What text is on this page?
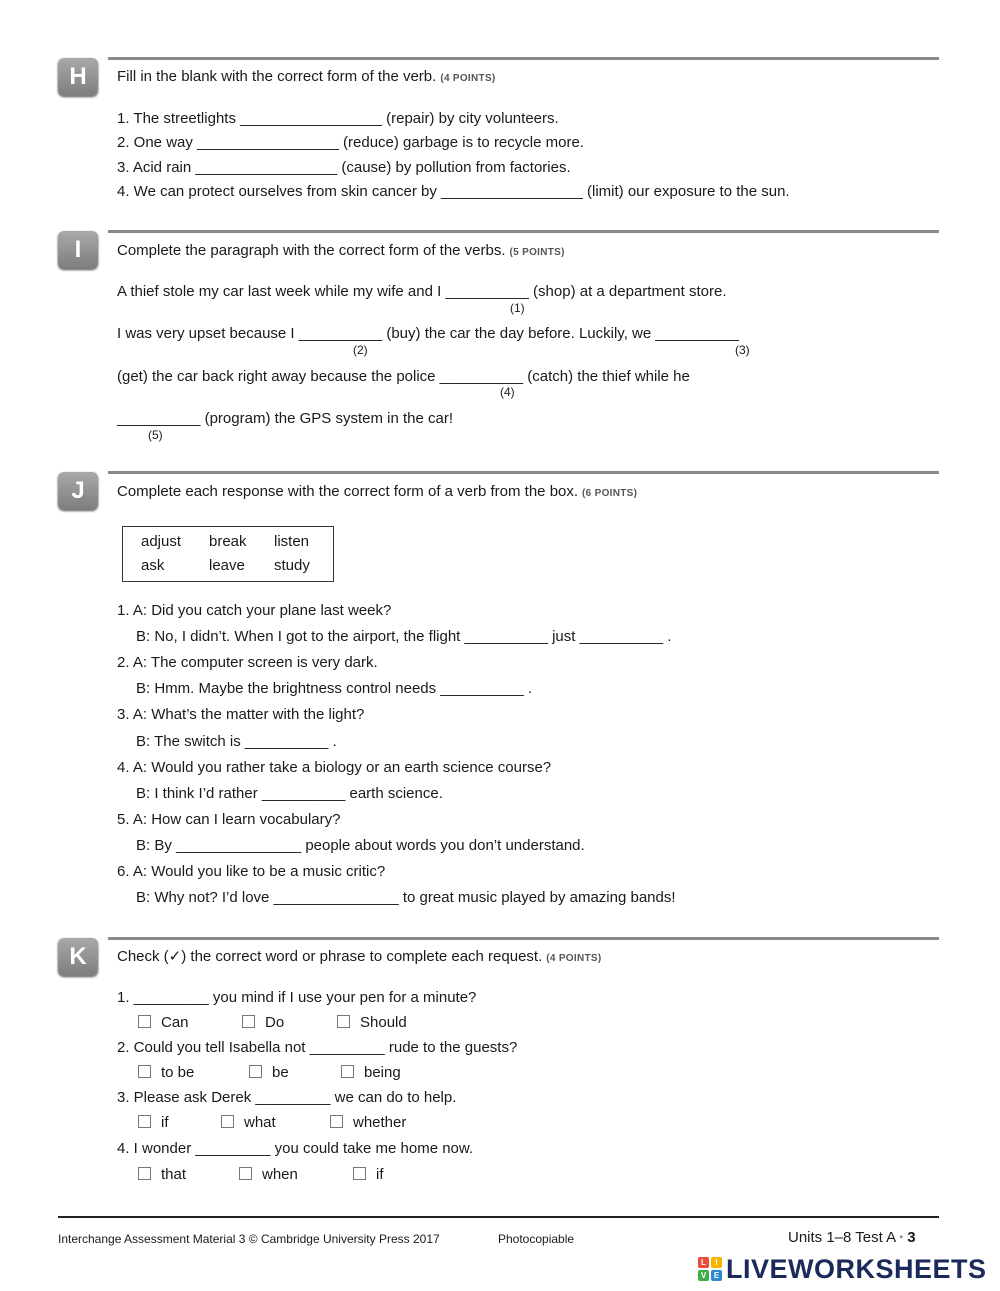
H	Fill in the blank with the correct form of the verb. (4 POINTS)
1. The streetlights _________________ (repair) by city volunteers.
2. One way _________________ (reduce) garbage is to recycle more.
3. Acid rain _________________ (cause) by pollution from factories.
4. We can protect ourselves from skin cancer by _________________ (limit) our exposure to the sun.
I	Complete the paragraph with the correct form of the verbs. (5 POINTS)
A thief stole my car last week while my wife and I __________ (shop) at a department store.
(1)
I was very upset because I __________ (buy) the car the day before. Luckily, we __________
(2)	(3)
(get) the car back right away because the police __________ (catch) the thief while he
(4)
__________ (program) the GPS system in the car!
(5)
J	Complete each response with the correct form of a verb from the box. (6 POINTS)
adjust break listen
ask	leave study
1. A: Did you catch your plane last week?
B: No, I didn’t. When I got to the airport, the flight __________ just __________ .
2. A: The computer screen is very dark.
B: Hmm. Maybe the brightness control needs __________ .
3. A: What’s the matter with the light?
B: The switch is __________ .
4. A: Would you rather take a biology or an earth science course?
B: I think I’d rather __________ earth science.
5. A: How can I learn vocabulary?
B: By _______________ people about words you don’t understand.
6. A: Would you like to be a music critic?
B: Why not? I’d love _______________ to great music played by amazing bands!
K	Check (✓) the correct word or phrase to complete each request. (4 POINTS)
1. _________ you mind if I use your pen for a minute?
Can	Do	Should
2. Could you tell Isabella not _________ rude to the guests?
to be	be	being
3. Please ask Derek _________ we can do to help.
if	what	whether
4. I wonder _________ you could take me home now.
that	when	if
Interchange Assessment Material 3 © Cambridge University Press 2017	Photocopiable	Units 1–8 Test A ▪ 3
L	I
V E LIVEWORKSHEETS
